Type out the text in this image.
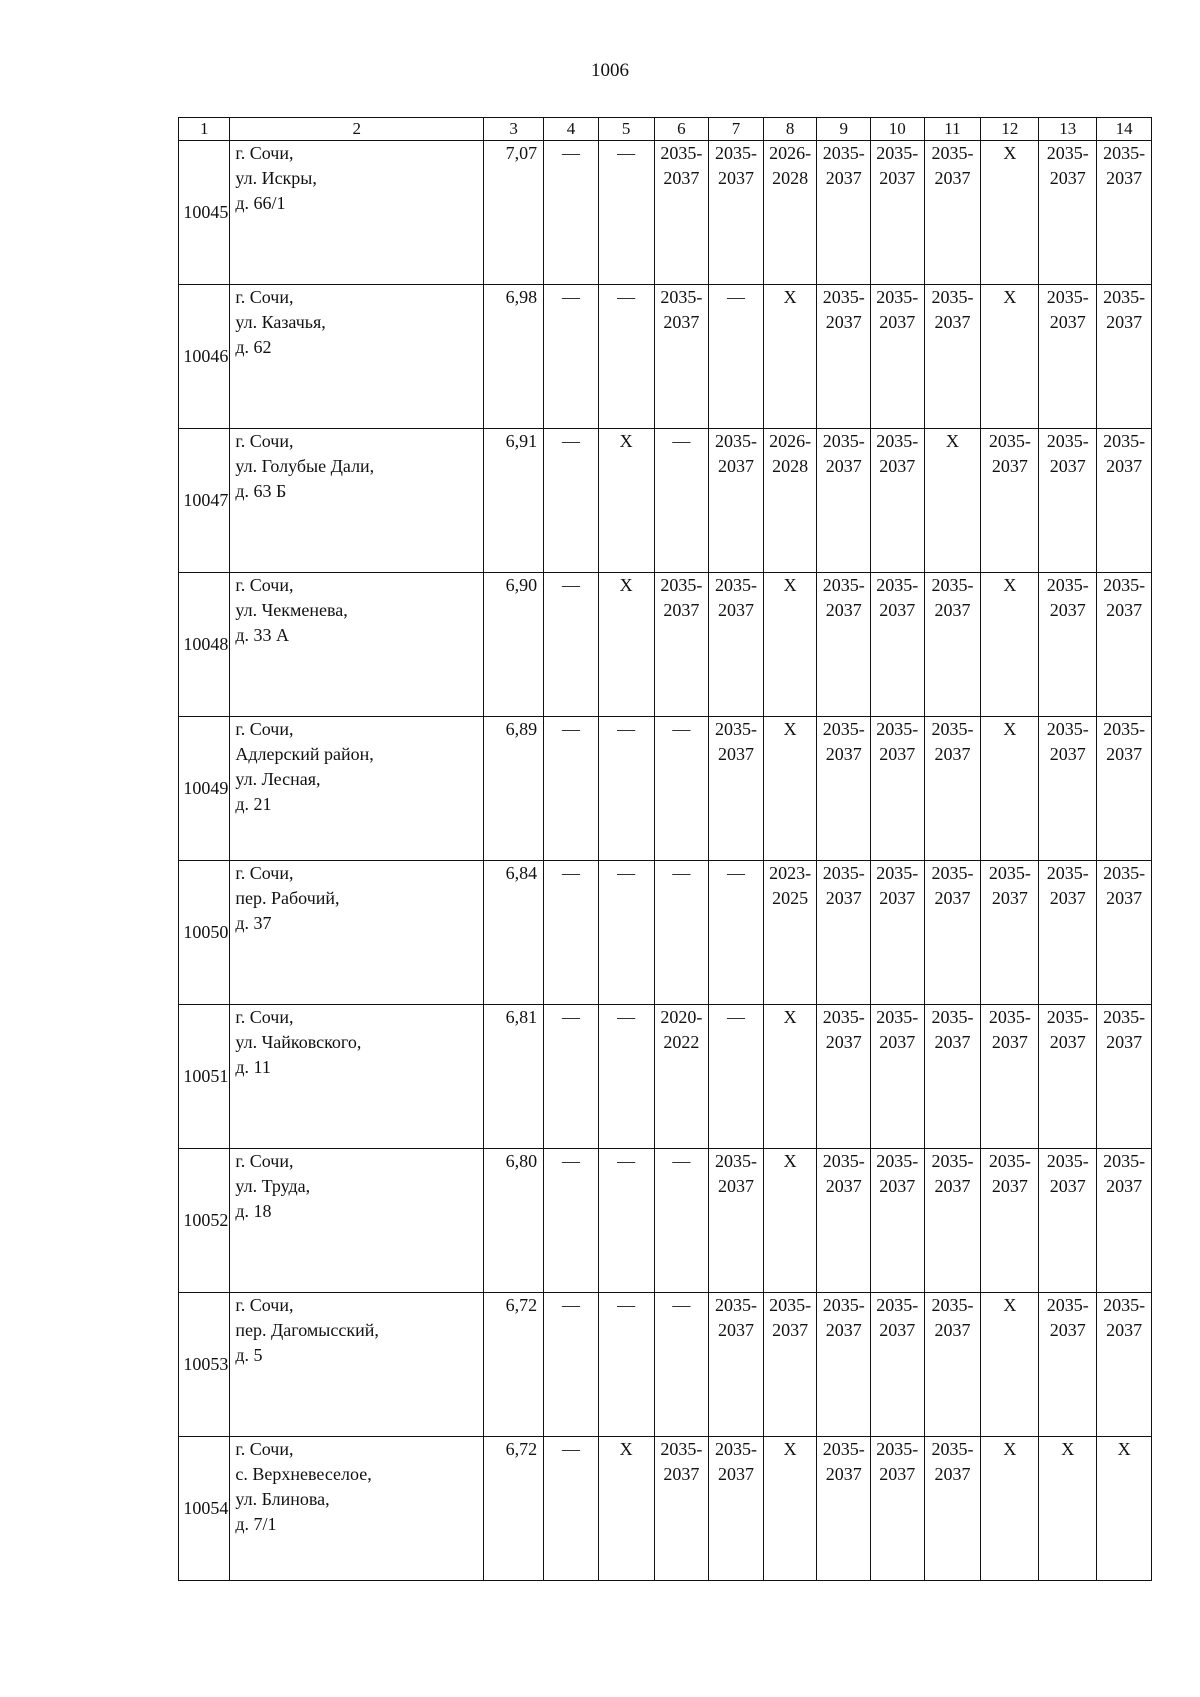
1006
1	2	3	4	5	6	7	8	9	10	11	12	13	14
10045	г. Сочи,
ул. Искры,
д. 66/1	7,07	—	—	2035-
2037	2035-
2037	2026-
2028	2035-
2037	2035-
2037	2035-
2037	X	2035-
2037	2035-
2037

10046	г. Сочи,
ул. Казачья,
д. 62	6,98	—	—	2035-
2037	—	X	2035-
2037	2035-
2037	2035-
2037	X	2035-
2037	2035-
2037

10047	г. Сочи,
ул. Голубые Дали,
д. 63 Б	6,91	—	X	—	2035-
2037	2026-
2028	2035-
2037	2035-
2037	X	2035-
2037	2035-
2037	2035-
2037

10048	г. Сочи,
ул. Чекменева,
д. 33 А	6,90	—	X	2035-
2037	2035-
2037	X	2035-
2037	2035-
2037	2035-
2037	X	2035-
2037	2035-
2037

10049	г. Сочи,
Адлерский район,
ул. Лесная,
д. 21	6,89	—	—	—	2035-
2037	X	2035-
2037	2035-
2037	2035-
2037	X	2035-
2037	2035-
2037

10050	г. Сочи,
пер. Рабочий,
д. 37	6,84	—	—	—	—	2023-
2025	2035-
2037	2035-
2037	2035-
2037	2035-
2037	2035-
2037	2035-
2037

10051	г. Сочи,
ул. Чайковского,
д. 11	6,81	—	—	2020-
2022	—	X	2035-
2037	2035-
2037	2035-
2037	2035-
2037	2035-
2037	2035-
2037

10052	г. Сочи,
ул. Труда,
д. 18	6,80	—	—	—	2035-
2037	X	2035-
2037	2035-
2037	2035-
2037	2035-
2037	2035-
2037	2035-
2037

10053	г. Сочи,
пер. Дагомысский,
д. 5	6,72	—	—	—	2035-
2037	2035-
2037	2035-
2037	2035-
2037	2035-
2037	X	2035-
2037	2035-
2037

10054	г. Сочи,
с. Верхневеселое,
ул. Блинова,
д. 7/1	6,72	—	X	2035-
2037	2035-
2037	X	2035-
2037	2035-
2037	2035-
2037	X	X	X
